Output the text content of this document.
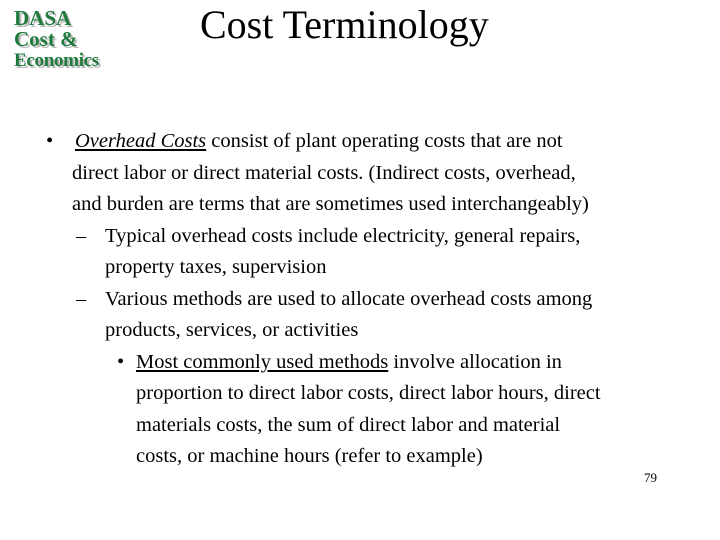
DASA
Cost &
Economics
Cost Terminology
• Overhead Costs consist of plant operating costs that are not
direct labor or direct material costs. (Indirect costs, overhead,
and burden are terms that are sometimes used interchangeably)
– Typical overhead costs include electricity, general repairs,
property taxes, supervision
– Various methods are used to allocate overhead costs among
products, services, or activities
• Most commonly used methods involve allocation in
proportion to direct labor costs, direct labor hours, direct
materials costs, the sum of direct labor and material
costs, or machine hours (refer to example)
79
